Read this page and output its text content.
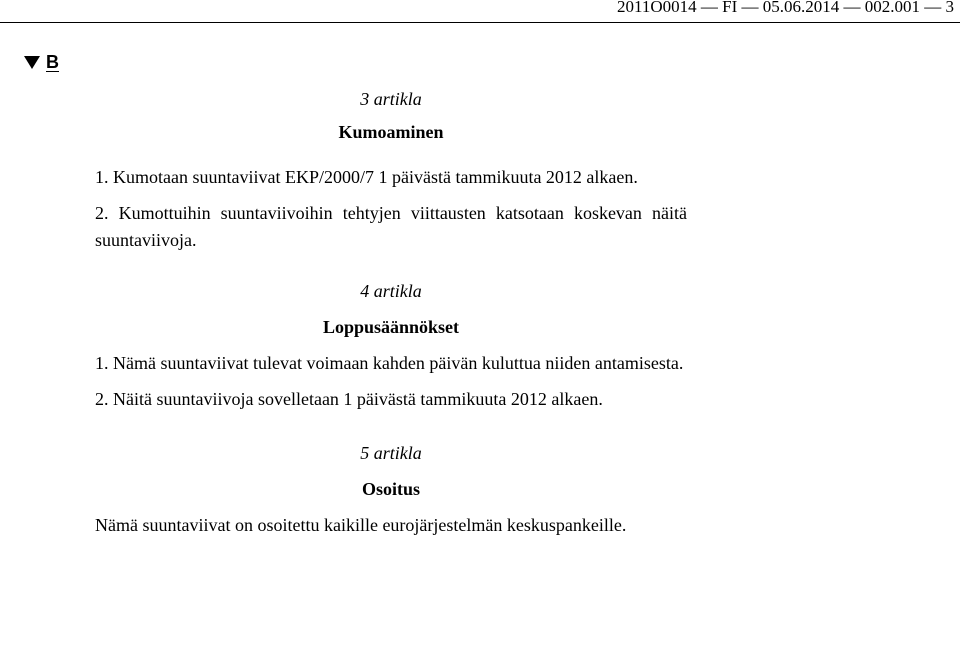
2011O0014 — FI — 05.06.2014 — 002.001 — 3
B

3 artikla

Kumoaminen

1. Kumotaan suuntaviivat EKP/2000/7 1 päivästä tammikuuta 2012 alkaen.

2. Kumottuihin suuntaviivoihin tehtyjen viittausten katsotaan koskevan näitä suuntaviivoja.

4 artikla

Loppusäännökset

1. Nämä suuntaviivat tulevat voimaan kahden päivän kuluttua niiden antamisesta.

2. Näitä suuntaviivoja sovelletaan 1 päivästä tammikuuta 2012 alkaen.

5 artikla

Osoitus

Nämä suuntaviivat on osoitettu kaikille eurojärjestelmän keskuspankeille.
